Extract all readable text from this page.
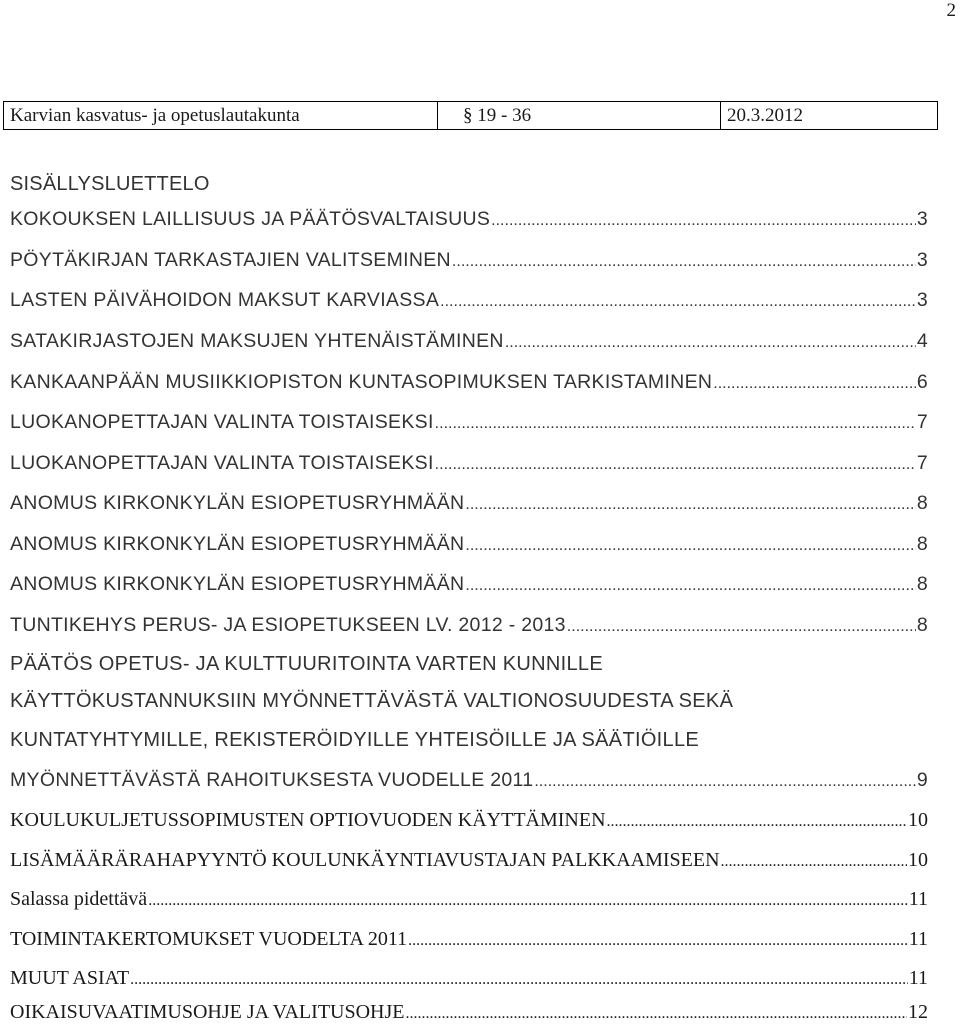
2
Karvian kasvatus- ja opetuslautakunta	§ 19 - 36	20.3.2012
SISÄLLYSLUETTELO
KOKOUKSEN LAILLISUUS JA PÄÄTÖSVALTAISUUS .....	3
PÖYTÄKIRJAN TARKASTAJIEN VALITSEMINEN .....	3
LASTEN PÄIVÄHOIDON MAKSUT KARVIASSA .....	3
SATAKIRJASTOJEN MAKSUJEN YHTENÄISTÄMINEN .....	4
KANKAANPÄÄN MUSIIKKIOPISTON KUNTASOPIMUKSEN TARKISTAMINEN .....	6
LUOKANOPETTAJAN VALINTA TOISTAISEKSI .....	7
LUOKANOPETTAJAN VALINTA TOISTAISEKSI .....	7
ANOMUS KIRKONKYLÄN ESIOPETUSRYHMÄÄN .....	8
ANOMUS KIRKONKYLÄN ESIOPETUSRYHMÄÄN .....	8
ANOMUS KIRKONKYLÄN ESIOPETUSRYHMÄÄN .....	8
TUNTIKEHYS PERUS- JA ESIOPETUKSEEN LV. 2012 - 2013 .....	8
PÄÄTÖS OPETUS- JA KULTTUURITOINTA VARTEN KUNNILLE
KÄYTTÖKUSTANNUKSIIN MYÖNNETTÄVÄSTÄ VALTIONOSUUDESTA SEKÄ
KUNTATYHTYMILLE, REKISTERÖIDYILLE YHTEISÖILLE JA SÄÄTIÖILLE
MYÖNNETTÄVÄSTÄ RAHOITUKSESTA VUODELLE 2011 .....	9
KOULUKULJETUSSOPIMUSTEN OPTIOVUODEN KÄYTTÄMINEN .....	10
LISÄMÄÄRÄRAHAPYYNTÖ KOULUNKÄYNTIAVUSTAJAN PALKKAAMISEEN .....	10
Salassa pidettävä .....	11
TOIMINTAKERTOMUKSET VUODELTA 2011 .....	11
MUUT ASIAT .....	11
OIKAISUVAATIMUSOHJE JA VALITUSOHJE .....	12
